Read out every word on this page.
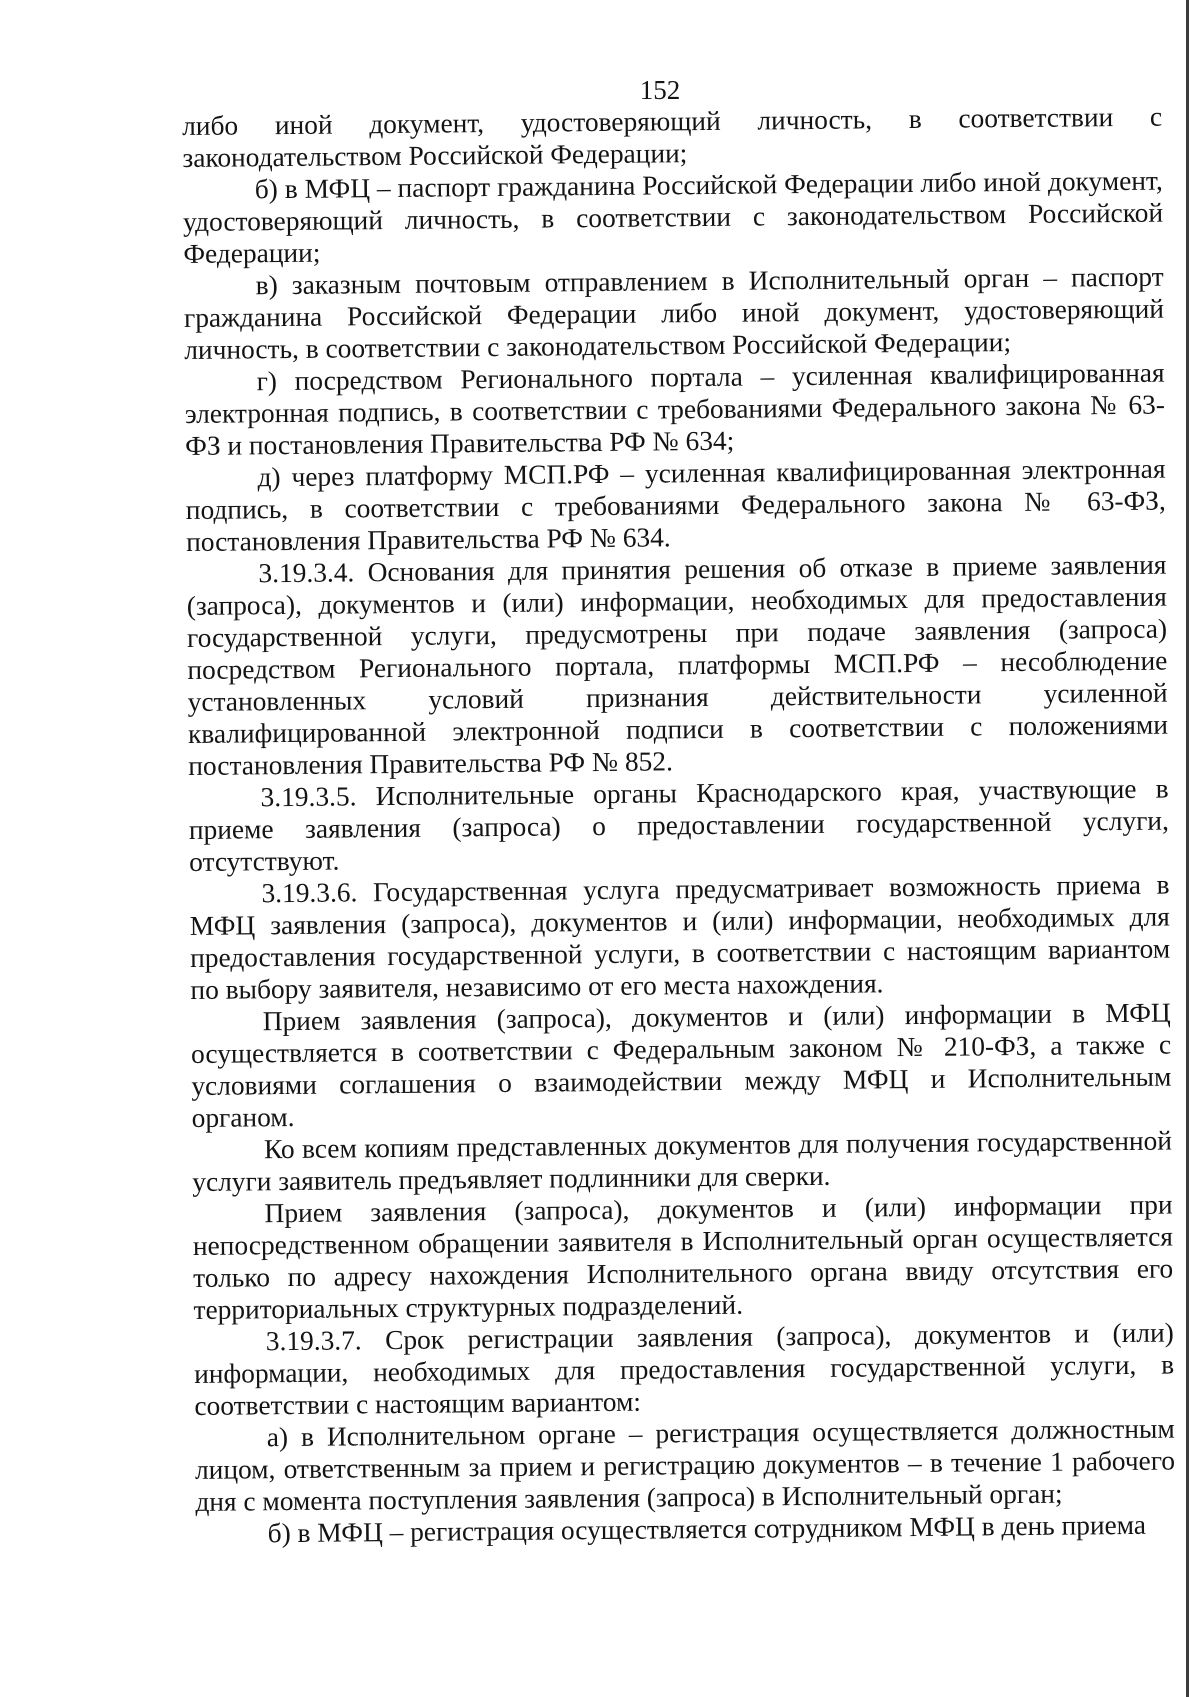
152

либо иной документ, удостоверяющий личность, в соответствии с законодательством Российской Федерации;

б) в МФЦ – паспорт гражданина Российской Федерации либо иной документ, удостоверяющий личность, в соответствии с законодательством Российской Федерации;

в) заказным почтовым отправлением в Исполнительный орган – паспорт гражданина Российской Федерации либо иной документ, удостоверяющий личность, в соответствии с законодательством Российской Федерации;

г) посредством Регионального портала – усиленная квалифицированная электронная подпись, в соответствии с требованиями Федерального закона № 63-ФЗ и постановления Правительства РФ № 634;

д) через платформу МСП.РФ – усиленная квалифицированная электронная подпись, в соответствии с требованиями Федерального закона № 63-ФЗ, постановления Правительства РФ № 634.

3.19.3.4. Основания для принятия решения об отказе в приеме заявления (запроса), документов и (или) информации, необходимых для предоставления государственной услуги, предусмотрены при подаче заявления (запроса) посредством Регионального портала, платформы МСП.РФ – несоблюдение установленных условий признания действительности усиленной квалифицированной электронной подписи в соответствии с положениями постановления Правительства РФ № 852.

3.19.3.5. Исполнительные органы Краснодарского края, участвующие в приеме заявления (запроса) о предоставлении государственной услуги, отсутствуют.

3.19.3.6. Государственная услуга предусматривает возможность приема в МФЦ заявления (запроса), документов и (или) информации, необходимых для предоставления государственной услуги, в соответствии с настоящим вариантом по выбору заявителя, независимо от его места нахождения.

Прием заявления (запроса), документов и (или) информации в МФЦ осуществляется в соответствии с Федеральным законом № 210-ФЗ, а также с условиями соглашения о взаимодействии между МФЦ и Исполнительным органом.

Ко всем копиям представленных документов для получения государственной услуги заявитель предъявляет подлинники для сверки.

Прием заявления (запроса), документов и (или) информации при непосредственном обращении заявителя в Исполнительный орган осуществляется только по адресу нахождения Исполнительного органа ввиду отсутствия его территориальных структурных подразделений.

3.19.3.7. Срок регистрации заявления (запроса), документов и (или) информации, необходимых для предоставления государственной услуги, в соответствии с настоящим вариантом:

а) в Исполнительном органе – регистрация осуществляется должностным лицом, ответственным за прием и регистрацию документов – в течение 1 рабочего дня с момента поступления заявления (запроса) в Исполнительный орган;

б) в МФЦ – регистрация осуществляется сотрудником МФЦ в день приема
